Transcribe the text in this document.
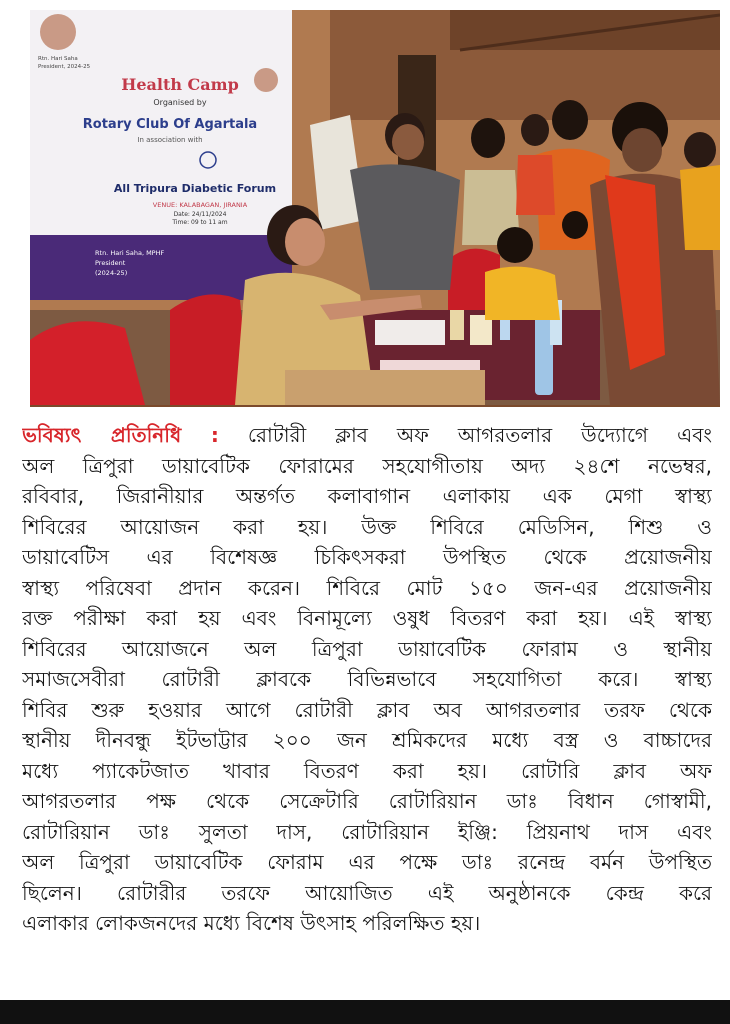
Health Camp
Organised by
Rotary Club Of Agartala
In association with
All Tripura Diabetic Forum
VENUE: KALABAGAN, JIRANIA
Date: 24/11/2024
Time: 09 to 11 am
Rtn. Hari Saha, MPHF
President
(2024-25)
Rtn. Hari Saha
President, 2024-25
ভবিষ্যৎ প্রতিনিধি : রোটারী ক্লাব অফ আগরতলার উদ্যোগে এবং
অল ত্রিপুরা ডায়াবেটিক ফোরামের সহযোগীতায় অদ্য ২৪শে নভেম্বর,
রবিবার, জিরানীয়ার অন্তর্গত কলাবাগান এলাকায় এক মেগা স্বাস্থ্য
শিবিরের আয়োজন করা হয়। উক্ত শিবিরে মেডিসিন, শিশু ও
ডায়াবেটিস এর বিশেষজ্ঞ চিকিৎসকরা উপস্থিত থেকে প্রয়োজনীয়
স্বাস্থ্য পরিষেবা প্রদান করেন। শিবিরে মোট ১৫০ জন-এর প্রয়োজনীয়
রক্ত পরীক্ষা করা হয় এবং বিনামূল্যে ওষুধ বিতরণ করা হয়। এই স্বাস্থ্য
শিবিরের আয়োজনে অল ত্রিপুরা ডায়াবেটিক ফোরাম ও স্থানীয়
সমাজসেবীরা রোটারী ক্লাবকে বিভিন্নভাবে সহযোগিতা করে। স্বাস্থ্য
শিবির শুরু হওয়ার আগে রোটারী ক্লাব অব আগরতলার তরফ থেকে
স্থানীয় দীনবন্ধু ইটভাট্টার ২০০ জন শ্রমিকদের মধ্যে বস্ত্র ও বাচ্চাদের
মধ্যে প্যাকেটজাত খাবার বিতরণ করা হয়। রোটারি ক্লাব অফ
আগরতলার পক্ষ থেকে সেক্রেটারি রোটারিয়ান ডাঃ বিধান গোস্বামী,
রোটারিয়ান ডাঃ সুলতা দাস, রোটারিয়ান ইঞ্জি: প্রিয়নাথ দাস এবং
অল ত্রিপুরা ডায়াবেটিক ফোরাম এর পক্ষে ডাঃ রনেন্দ্র বর্মন উপস্থিত
ছিলেন। রোটারীর তরফে আয়োজিত এই অনুষ্ঠানকে কেন্দ্র করে
এলাকার লোকজনদের মধ্যে বিশেষ উৎসাহ পরিলক্ষিত হয়।
